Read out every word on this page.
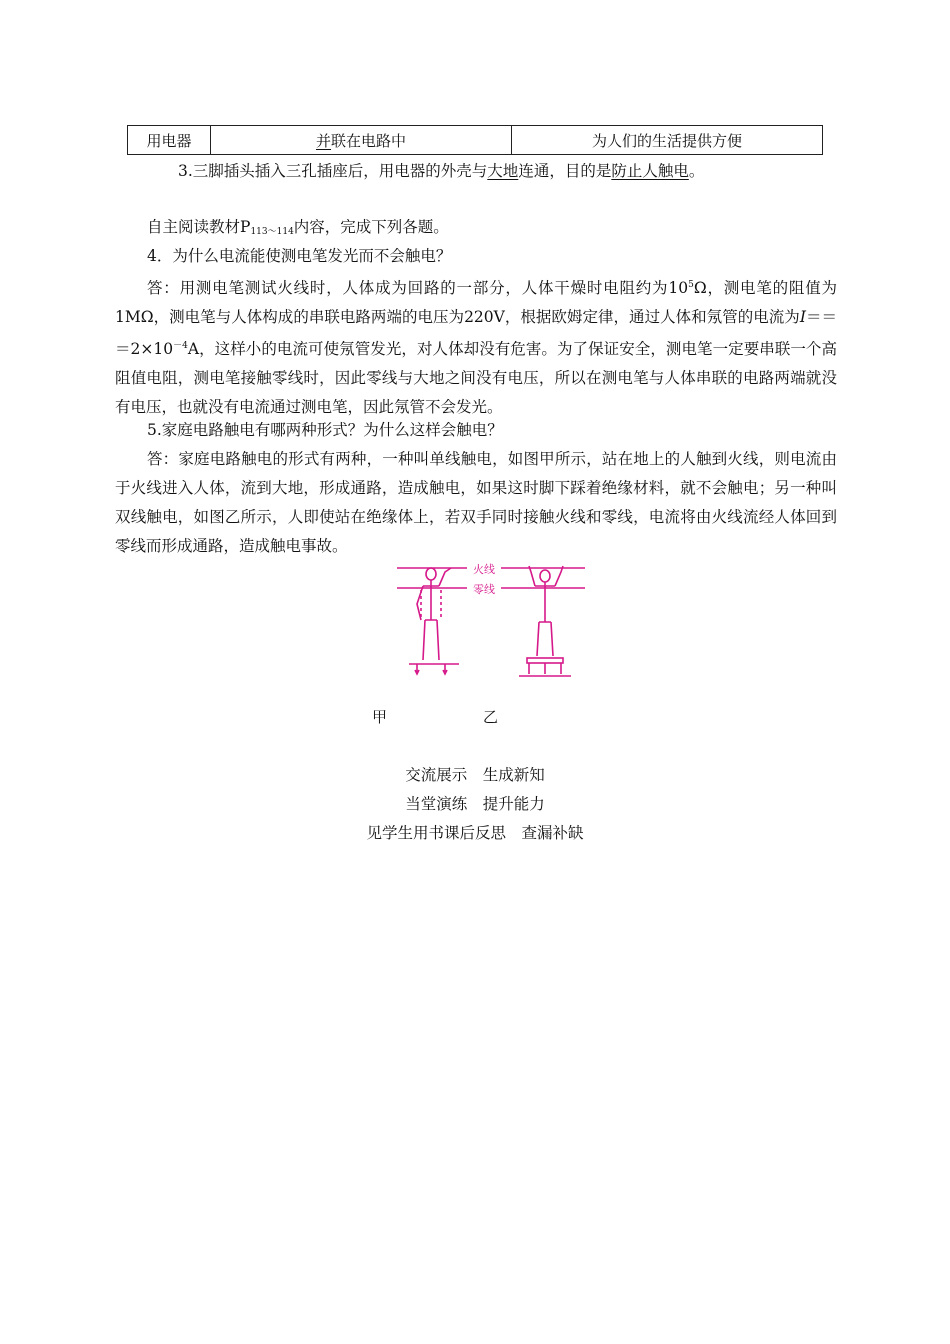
用电器	并联在电路中	为人们的生活提供方便
3.三脚插头插入三孔插座后，用电器的外壳与大地连通，目的是防止人触电。
自主阅读教材$P_{113\sim 114}$内容，完成下列各题。
4．为什么电流能使测电笔发光而不会触电？
答：用测电笔测试火线时，人体成为回路的一部分，人体干燥时电阻约为$10^5\Omega$，测电笔的阻值为1MΩ，测电笔与人体构成的串联电路两端的电压为220V，根据欧姆定律，通过人体和氖管的电流为$I===2\times 10^{-4}A$，这样小的电流可使氖管发光，对人体却没有危害。为了保证安全，测电笔一定要串联一个高阻值电阻，测电笔接触零线时，因此零线与大地之间没有电压，所以在测电笔与人体串联的电路两端就没有电压，也就没有电流通过测电笔，因此氖管不会发光。
5.家庭电路触电有哪两种形式？为什么这样会触电？
答：家庭电路触电的形式有两种，一种叫单线触电，如图甲所示，站在地上的人触到火线，则电流由于火线进入人体，流到大地，形成通路，造成触电，如果这时脚下踩着绝缘材料，就不会触电；另一种叫双线触电，如图乙所示，人即使站在绝缘体上，若双手同时接触火线和零线，电流将由火线流经人体回到零线而形成通路，造成触电事故。
火线
零线
甲	乙
交流展示　生成新知
当堂演练　提升能力
见学生用书课后反思　查漏补缺
